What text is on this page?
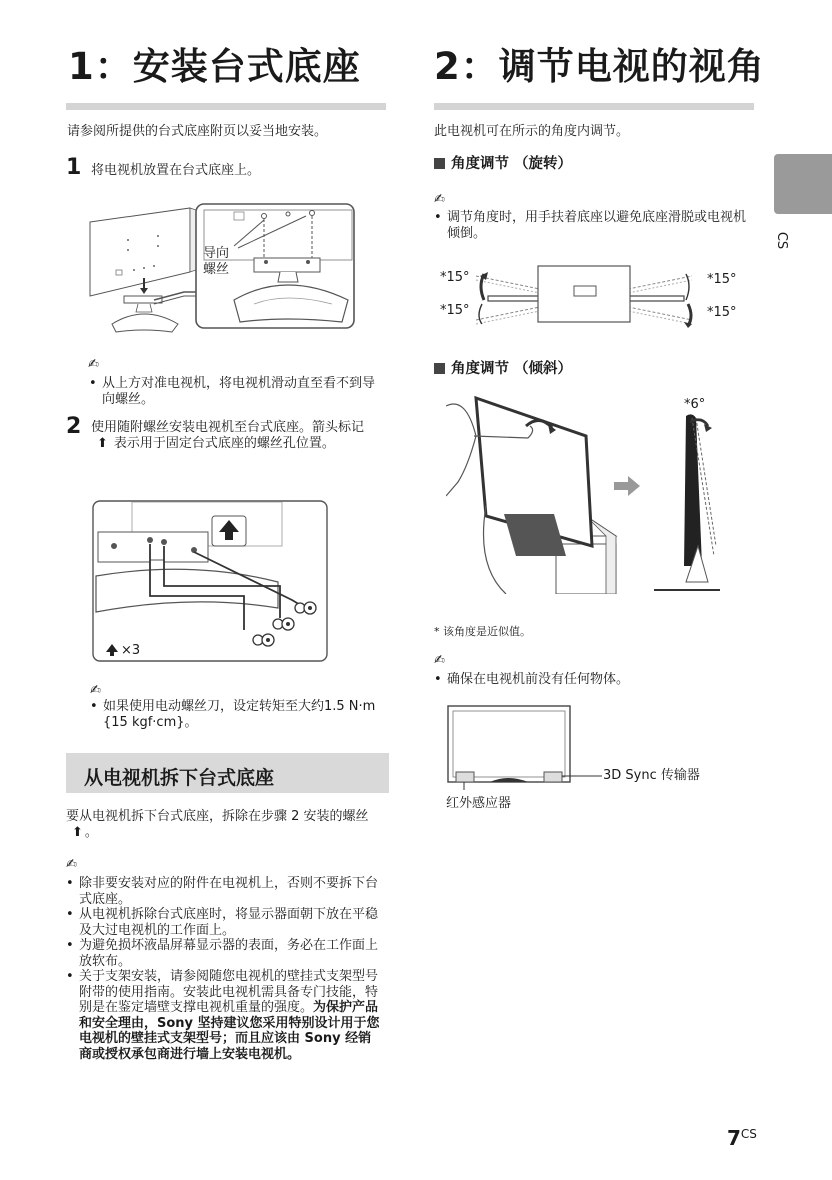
1：安装台式底座
请参阅所提供的台式底座附页以妥当地安装。
1 将电视机放置在台式底座上。
导向
螺丝
✍
• 从上方对准电视机，将电视机滑动直至看不到导向螺丝。
2 使用随附螺丝安装电视机至台式底座。箭头标记⬆ 表示用于固定台式底座的螺丝孔位置。
×3
✍
• 如果使用电动螺丝刀，设定转矩至大约1.5 N·m {15 kgf·cm}。
从电视机拆下台式底座
要从电视机拆下台式底座，拆除在步骤 2 安装的螺丝⬆ 。
✍
• 除非要安装对应的附件在电视机上，否则不要拆下台式底座。
• 从电视机拆除台式底座时，将显示器面朝下放在平稳及大过电视机的工作面上。
• 为避免损坏液晶屏幕显示器的表面，务必在工作面上放软布。
• 关于支架安装，请参阅随您电视机的壁挂式支架型号附带的使用指南。安装此电视机需具备专门技能，特别是在鉴定墙壁支撑电视机重量的强度。为保护产品和安全理由，Sony 坚持建议您采用特别设计用于您电视机的壁挂式支架型号；而且应该由 Sony 经销商或授权承包商进行墙上安装电视机。
2：调节电视的视角
此电视机可在所示的角度内调节。
角度调节 （旋转）
✍
• 调节角度时，用手扶着底座以避免底座滑脱或电视机倾倒。
*15°	*15°
*15°	*15°
角度调节 （倾斜）
*6°
* 该角度是近似值。
✍
• 确保在电视机前没有任何物体。
3D Sync 传输器
红外感应器
CS
$7^{CS}$
